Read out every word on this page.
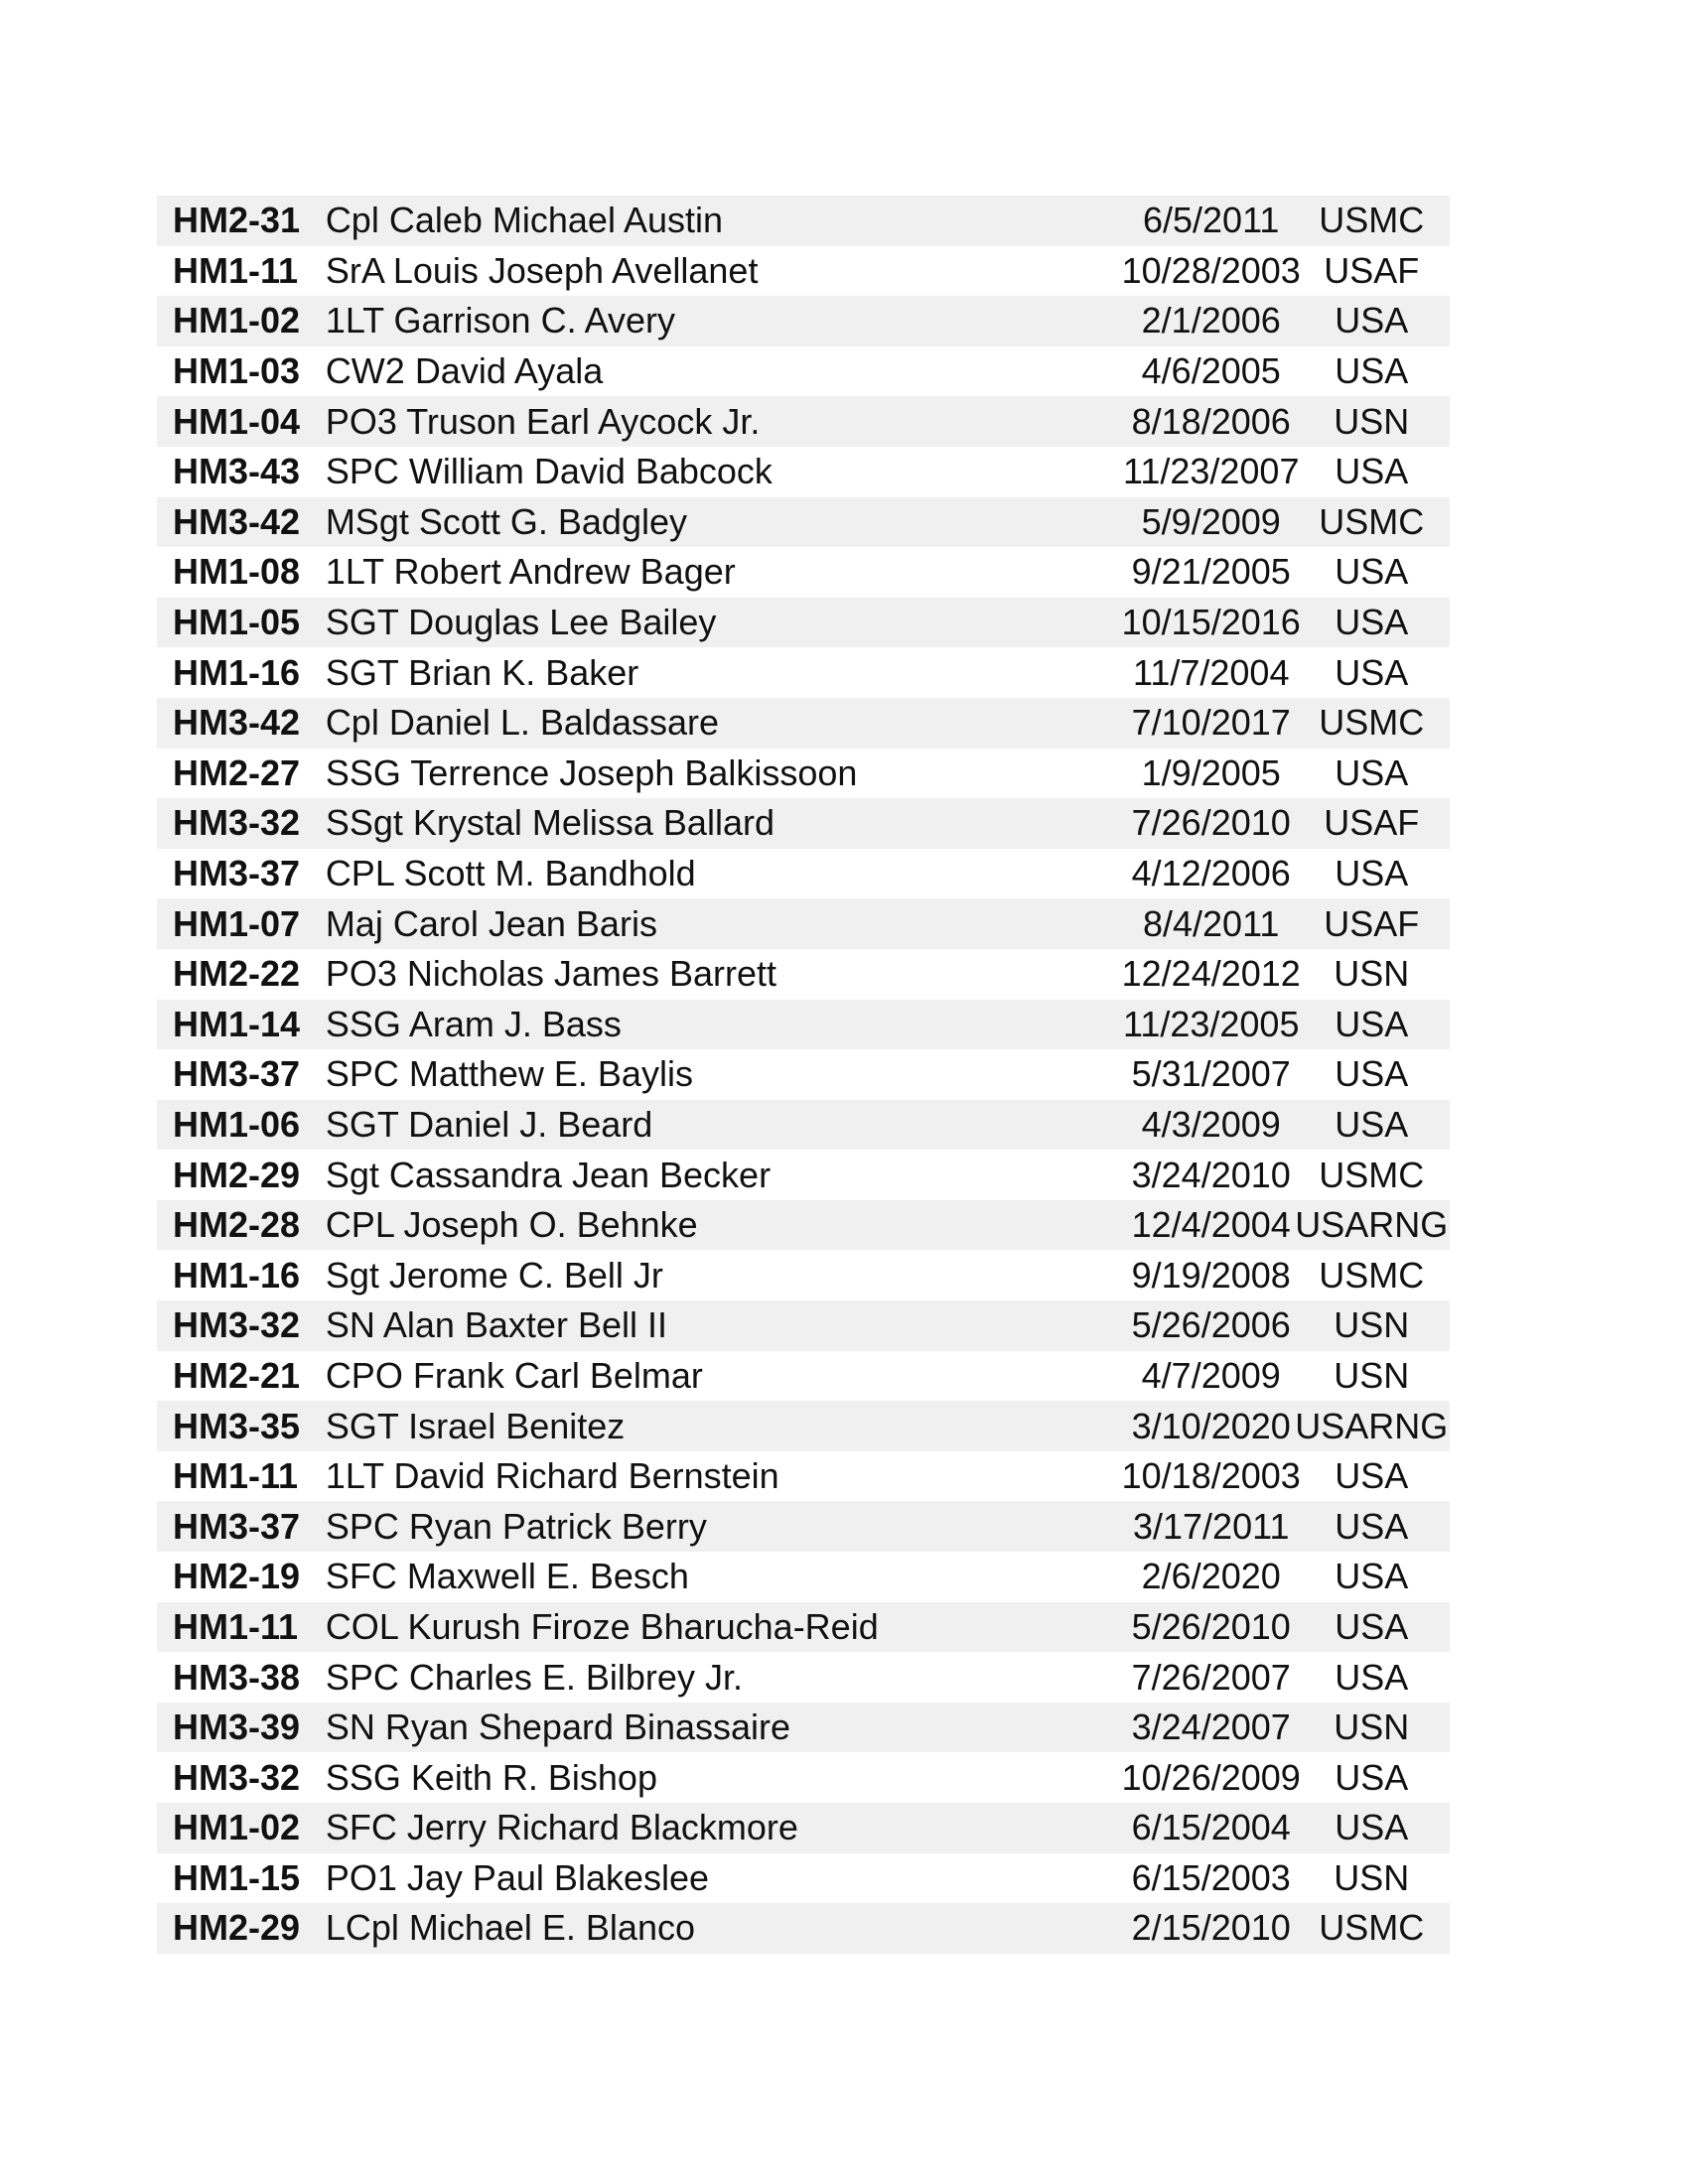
HM2-31 Cpl Caleb Michael Austin	6/5/2011	USMC
HM1-11 SrA Louis Joseph Avellanet	10/28/2003 USAF
HM1-02 1LT Garrison C. Avery	2/1/2006	USA
HM1-03 CW2 David Ayala	4/6/2005	USA
HM1-04 PO3 Truson Earl Aycock Jr.	8/18/2006	USN
HM3-43 SPC William David Babcock	11/23/2007 USA
HM3-42 MSgt Scott G. Badgley	5/9/2009	USMC
HM1-08 1LT Robert Andrew Bager	9/21/2005	USA
HM1-05 SGT Douglas Lee Bailey	10/15/2016 USA
HM1-16 SGT Brian K. Baker	11/7/2004	USA
HM3-42 Cpl Daniel L. Baldassare	7/10/2017 USMC
HM2-27 SSG Terrence Joseph Balkissoon	1/9/2005	USA
HM3-32 SSgt Krystal Melissa Ballard	7/26/2010 USAF
HM3-37 CPL Scott M. Bandhold	4/12/2006	USA
HM1-07 Maj Carol Jean Baris	8/4/2011	USAF
HM2-22 PO3 Nicholas James Barrett	12/24/2012 USN
HM1-14 SSG Aram J. Bass	11/23/2005 USA
HM3-37 SPC Matthew E. Baylis	5/31/2007	USA
HM1-06 SGT Daniel J. Beard	4/3/2009	USA
HM2-29 Sgt Cassandra Jean Becker	3/24/2010 USMC
HM2-28 CPL Joseph O. Behnke	12/4/2004 USARNG
HM1-16 Sgt Jerome C. Bell Jr	9/19/2008 USMC
HM3-32 SN Alan Baxter Bell II	5/26/2006	USN
HM2-21 CPO Frank Carl Belmar	4/7/2009	USN
HM3-35 SGT Israel Benitez	3/10/2020 USARNG
HM1-11 1LT David Richard Bernstein	10/18/2003 USA
HM3-37 SPC Ryan Patrick Berry	3/17/2011	USA
HM2-19 SFC Maxwell E. Besch	2/6/2020	USA
HM1-11 COL Kurush Firoze Bharucha-Reid	5/26/2010	USA
HM3-38 SPC Charles E. Bilbrey Jr.	7/26/2007	USA
HM3-39 SN Ryan Shepard Binassaire	3/24/2007	USN
HM3-32 SSG Keith R. Bishop	10/26/2009 USA
HM1-02 SFC Jerry Richard Blackmore	6/15/2004	USA
HM1-15 PO1 Jay Paul Blakeslee	6/15/2003	USN
HM2-29 LCpl Michael E. Blanco	2/15/2010 USMC
